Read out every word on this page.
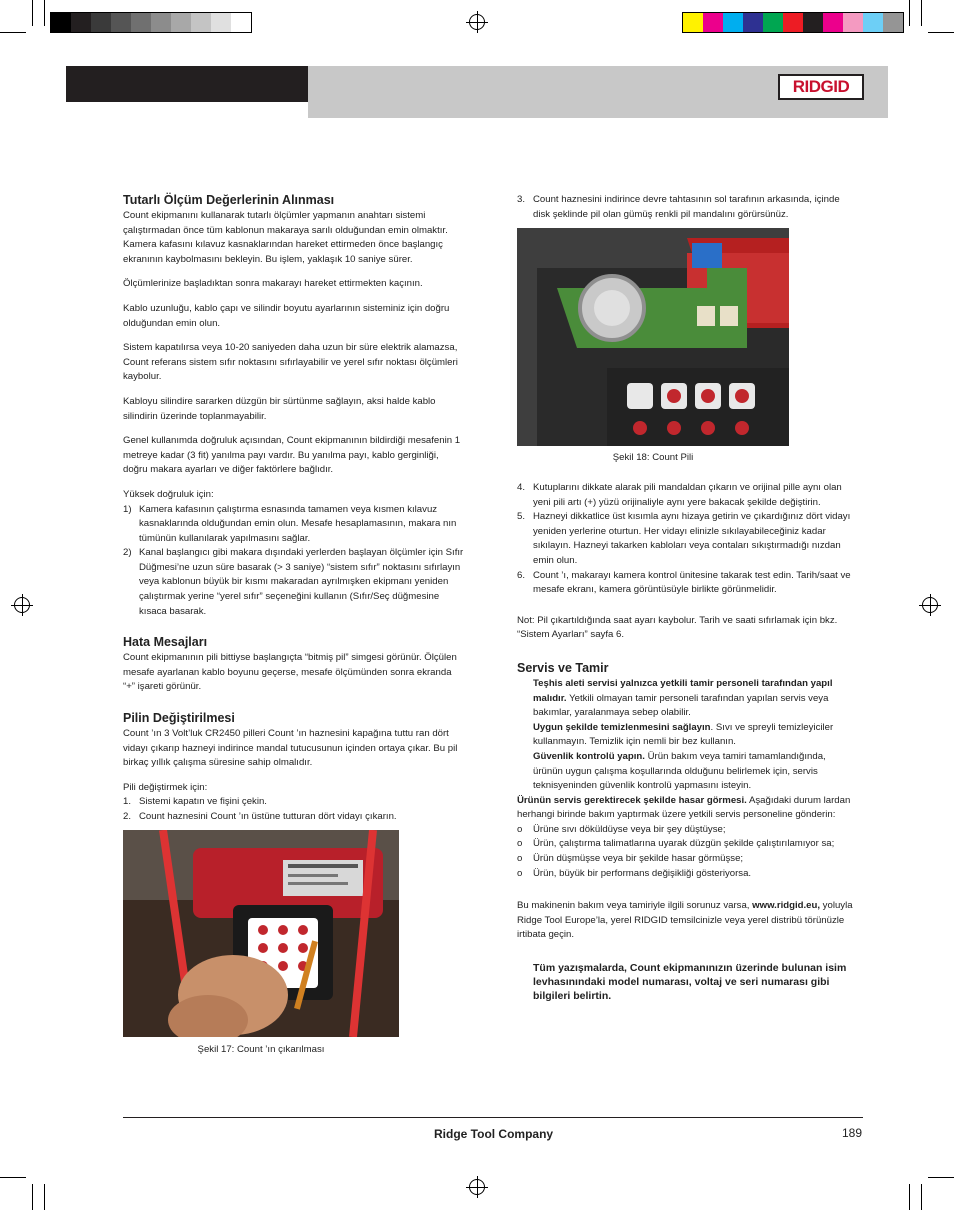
RIDGID
Tutarlı Ölçüm Değerlerinin Alınması

Count ekipmanını kullanarak tutarlı ölçümler yapmanın anahtarı sistemi çalıştırmadan önce tüm kablonun makaraya sarılı olduğundan emin olmaktır. Kamera kafasını kılavuz kasnaklarından hareket ettirmeden önce başlangıç ekranının kaybolmasını bekleyin. Bu işlem, yaklaşık 10 saniye sürer.

Ölçümlerinize başladıktan sonra makarayı hareket ettirmekten kaçının.

Kablo uzunluğu, kablo çapı ve silindir boyutu ayarlarının sisteminiz için doğru olduğundan emin olun.

Sistem kapatılırsa veya 10-20 saniyeden daha uzun bir süre elektrik alamazsa, Count referans sistem sıfır noktasını sıfırlayabilir ve yerel sıfır noktası ölçümleri kaybolur.

Kabloyu silindire sararken düzgün bir sürtünme sağlayın, aksi halde kablo silindirin üzerinde toplanmayabilir.

Genel kullanımda doğruluk açısından, Count ekipmanının bildirdiği mesafenin 1 metreye kadar (3 fit) yanılma payı vardır. Bu yanılma payı, kablo gerginliği, doğru makara ayarları ve diğer faktörlere bağlıdır.

Yüksek doğruluk için:
1) Kamera kafasının çalıştırma esnasında tamamen veya kısmen kılavuz kasnaklarında olduğundan emin olun. Mesafe hesaplamasının, makara nın tümünün kullanılarak yapılmasını sağlar.
2) Kanal başlangıcı gibi makara dışındaki yerlerden başlayan ölçümler için Sıfır Düğmesi’ne uzun süre basarak (> 3 saniye) “sistem sıfır” noktasını sıfırlayın veya kablonun büyük bir kısmı makaradan ayrılmışken ekipmanı yeniden çalıştırmak yerine “yerel sıfır” seçeneğini kullanın (Sıfır/Seç düğmesine kısaca basarak.
Hata Mesajları

Count ekipmanının pili bittiyse başlangıçta “bitmiş pil” simgesi görünür. Ölçülen mesafe ayarlanan kablo boyunu geçerse, mesafe ölçümünden sonra ekranda “+” işareti görünür.

Pilin Değiştirilmesi

Count ’ın 3 Volt’luk CR2450 pilleri Count ’ın haznesini kapağına tuttu ran dört vidayı çıkarıp hazneyi indirince mandal tutucusunun içinden ortaya çıkar. Bu pil birkaç yıllık çalışma süresine sahip olmalıdır.

Pili değiştirmek için:
1. Sistemi kapatın ve fişini çekin.
2. Count haznesini Count ’ın üstüne tutturan dört vidayı çıkarın.
Şekil 17: Count ’ın çıkarılması
3. Count haznesini indirince devre tahtasının sol tarafının arkasında, içinde disk şeklinde pil olan gümüş renkli pil mandalını görürsünüz.
Şekil 18: Count Pili
4. Kutuplarını dikkate alarak pili mandaldan çıkarın ve orijinal pille aynı olan yeni pili artı (+) yüzü orijinaliyle aynı yere bakacak şekilde değiştirin.
5. Hazneyi dikkatlice üst kısımla aynı hizaya getirin ve çıkardığınız dört vidayı yeniden yerlerine oturtun. Her vidayı elinizle sıkılayabileceğiniz kadar sıkılayın. Hazneyi takarken kabloları veya contaları sıkıştırmadığı nızdan emin olun.
6. Count ’ı, makarayı kamera kontrol ünitesine takarak test edin. Tarih/saat ve mesafe ekranı, kamera görüntüsüyle birlikte görünmelidir.

Not: Pil çıkartıldığında saat ayarı kaybolur. Tarih ve saati sıfırlamak için bkz. “Sistem Ayarları” sayfa 6.

Servis ve Tamir
Teşhis aleti servisi yalnızca yetkili tamir personeli tarafından yapıl malıdır. Yetkili olmayan tamir personeli tarafından yapılan servis veya bakımlar, yaralanmaya sebep olabilir.
Uygun şekilde temizlenmesini sağlayın. Sıvı ve spreyli temizleyiciler kullanmayın. Temizlik için nemli bir bez kullanın.
Güvenlik kontrolü yapın. Ürün bakım veya tamiri tamamlandığında, ürünün uygun çalışma koşullarında olduğunu belirlemek için, servis teknisyeninden güvenlik kontrolü yapmasını isteyin.
Ürünün servis gerektirecek şekilde hasar görmesi. Aşağıdaki durum lardan herhangi birinde bakım yaptırmak üzere yetkili servis personeline gönderin:
o Ürüne sıvı döküldüyse veya bir şey düştüyse;
o Ürün, çalıştırma talimatlarına uyarak düzgün şekilde çalıştırılamıyor sa;
o Ürün düşmüşse veya bir şekilde hasar görmüşse;
o Ürün, büyük bir performans değişikliği gösteriyorsa.

Bu makinenin bakım veya tamiriyle ilgili sorunuz varsa, www.ridgid.eu, yoluyla Ridge Tool Europe’la, yerel RIDGID temsilcinizle veya yerel distribü törünüzle irtibata geçin.

Tüm yazışmalarda, Count ekipmanınızın üzerinde bulunan isim levhasınındaki model numarası, voltaj ve seri numarası gibi bilgileri belirtin.
Ridge Tool Company	189
